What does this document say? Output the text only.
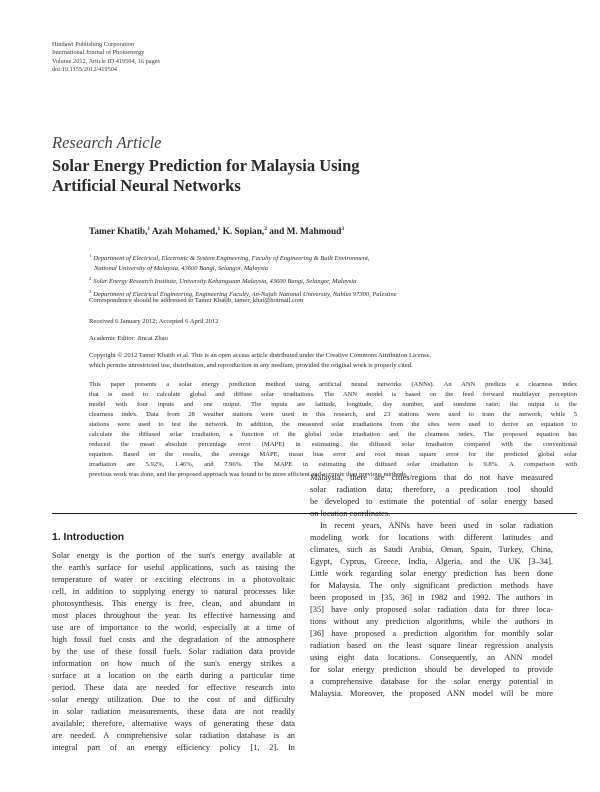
Hindawi Publishing Corporation
International Journal of Photoenergy
Volume 2012, Article ID 419504, 16 pages
doi:10.1155/2012/419504
Research Article
Solar Energy Prediction for Malaysia Using
Artificial Neural Networks
Tamer Khatib,$^1$ Azah Mohamed,$^1$ K. Sopian,$^2$ and M. Mahmoud$^3$
$^1$ Department of Electrical, Electronic & System Engineering, Faculty of Engineering & Built Environment,
National University of Malaysia, 43600 Bangi, Selangor, Malaysia
$^2$ Solar Energy Research Institute, University Kebangsaan Malaysia, 43600 Bangi, Selangor, Malaysia
$^3$ Department of Electrical Engineering, Engineering Faculty, An-Najah National University, Nablus 97300, Palestine
Correspondence should be addressed to Tamer Khatib, tamer_khat@hotmail.com
Received 6 January 2012; Accepted 6 April 2012
Academic Editor: Jincai Zhao
Copyright © 2012 Tamer Khatib et al. This is an open access article distributed under the Creative Commons Attribution License,
which permits unrestricted use, distribution, and reproduction in any medium, provided the original work is properly cited.
This paper presents a solar energy prediction method using artificial neural networks (ANNs). An ANN predicts a clearness index
that is used to calculate global and diffuse solar irradiations. The ANN model is based on the feed forward multilayer perception
model with four inputs and one output. The inputs are latitude, longitude, day number, and sunshine ratio; the output is the
clearness index. Data from 28 weather stations were used in this research, and 23 stations were used to train the network, while 5
stations were used to test the network. In addition, the measured solar irradiations from the sites were used to derive an equation to
calculate the diffused solar irradiation, a function of the global solar irradiation and the clearness index. The proposed equation has
reduced the mean absolute percentage error (MAPE) in estimating the diffused solar irradiation compared with the conventional
equation. Based on the results, the average MAPE, mean bias error and root mean square error for the predicted global solar
irradiation are 5.92%, 1.46%, and 7.96%. The MAPE in estimating the diffused solar irradiation is 9.8%. A comparison with
previous work was done, and the proposed approach was found to be more efficient and accurate than previous methods.
1. Introduction
Solar energy is the portion of the sun's energy available at
the earth's surface for useful applications, such as raising the
temperature of water or exciting electrons in a photovoltaic
cell, in addition to supplying energy to natural processes like
photosynthesis. This energy is free, clean, and abundant in
most places throughout the year. Its effective harnessing and
use are of importance to the world, especially at a time of
high fossil fuel costs and the degradation of the atmosphere
by the use of these fossil fuels. Solar radiation data provide
information on how much of the sun's energy strikes a
surface at a location on the earth during a particular time
period. These data are needed for effective research into
solar energy utilization. Due to the cost of and difficulty
in solar radiation measurements, these data are not readily
available; therefore, alternative ways of generating these data
are needed. A comprehensive solar radiation database is an
integral part of an energy efficiency policy [1, 2]. In
Malaysia, there are cities/regions that do not have measured
solar radiation data; therefore, a predication tool should
be developed to estimate the potential of solar energy based
on location coordinates.
In recent years, ANNs have been used in solar radiation
modeling work for locations with different latitudes and
climates, such as Saudi Arabia, Oman, Spain, Turkey, China,
Egypt, Cyprus, Greece, India, Algeria, and the UK [3–34].
Little work regarding solar energy prediction has been done
for Malaysia. The only significant prediction methods have
been proposed in [35, 36] in 1982 and 1992. The authors in
[35] have only proposed solar radiation data for three loca-
tions without any prediction algorithms, while the authors in
[36] have proposed a prediction algorithm for monthly solar
radiation based on the least square linear regression analysis
using eight data locations. Consequently, an ANN model
for solar energy prediction should be developed to provide
a comprehensive database for the solar energy potential in
Malaysia. Moreover, the proposed ANN model will be more
